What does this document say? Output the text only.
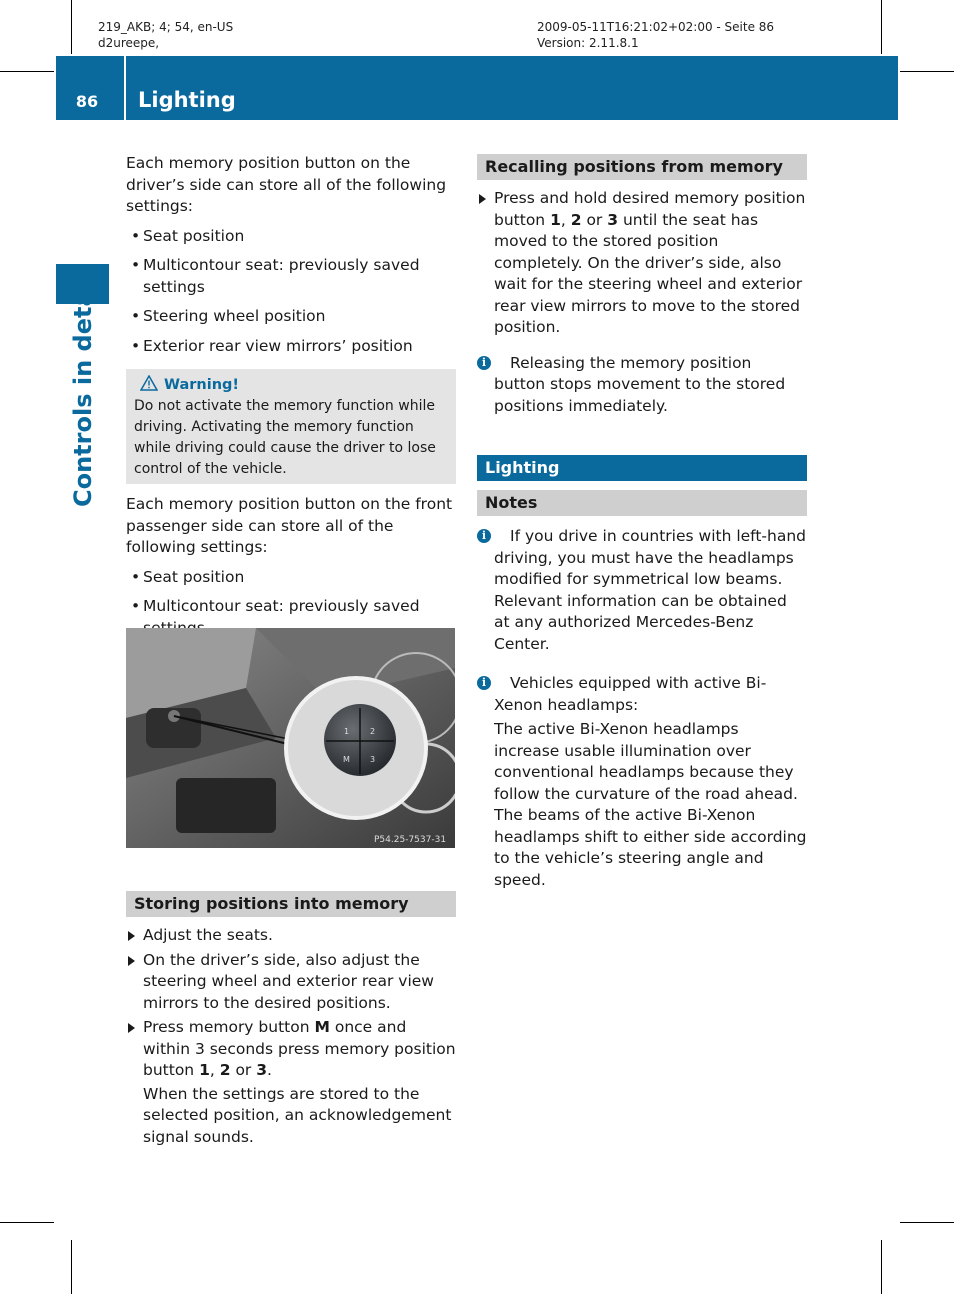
219_AKB; 4; 54, en-US
d2ureepe,
2009-05-11T16:21:02+02:00 - Seite 86
Version: 2.11.8.1
86	Lighting
Controls in detail

Each memory position button on the driver’s side can store all of the following settings:

• Seat position
• Multicontour seat: previously saved settings
• Steering wheel position
• Exterior rear view mirrors’ position
Warning!
Do not activate the memory function while driving. Activating the memory function while driving could cause the driver to lose control of the vehicle.

Each memory position button on the front passenger side can store all of the following settings:

• Seat position
• Multicontour seat: previously saved
1	2
M	3
P54.25-7537-31
Storing positions into memory
Adjust the seats.
On the driver’s side, also adjust the steering wheel and exterior rear view mirrors to the desired positions.
Press memory button M once and within 3 seconds press memory position button 1, 2 or 3.
When the settings are stored to the selected position, an acknowledgement signal sounds.
Recalling positions from memory
Press and hold desired memory position button 1, 2 or 3 until the seat has moved to the stored position completely. On the driver’s side, also wait for the steering wheel and exterior rear view mirrors to move to the stored position.
i	Releasing the memory position button stops movement to the stored positions immediately.
Lighting
Notes
i	If you drive in countries with left-hand driving, you must have the headlamps modified for symmetrical low beams. Relevant information can be obtained at any authorized Mercedes-Benz Center.
i	Vehicles equipped with active Bi-Xenon headlamps:
The active Bi-Xenon headlamps increase usable illumination over conventional headlamps because they follow the curvature of the road ahead. The beams of the active Bi-Xenon headlamps shift to either side according to the vehicle’s steering angle and speed.
